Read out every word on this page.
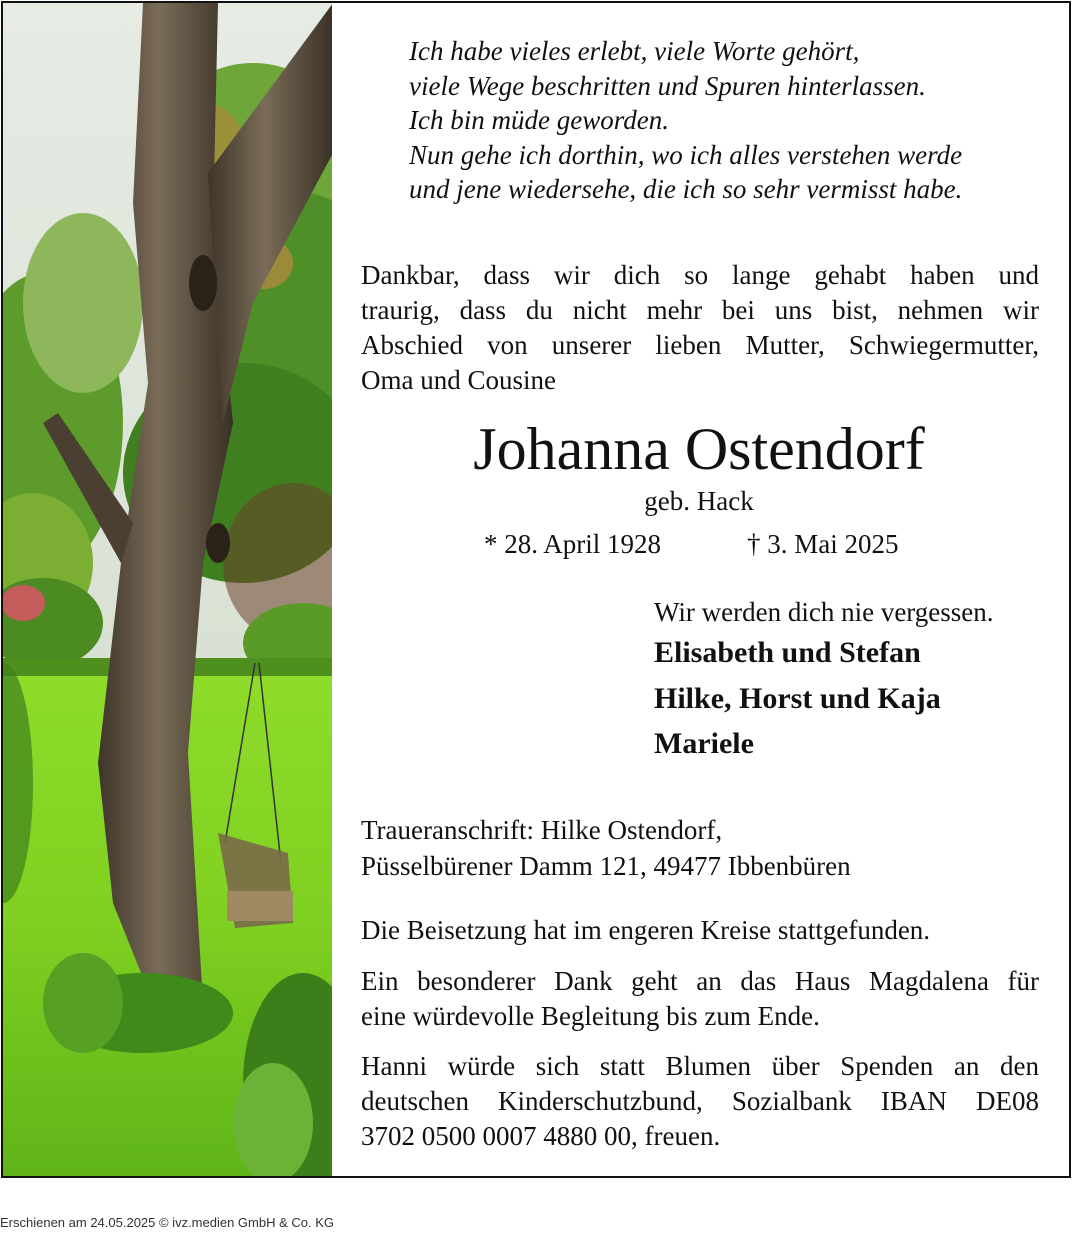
Ich habe vieles erlebt, viele Worte gehört,
viele Wege beschritten und Spuren hinterlassen.
Ich bin müde geworden.
Nun gehe ich dorthin, wo ich alles verstehen werde
und jene wiedersehe, die ich so sehr vermisst habe.
Dankbar, dass wir dich so lange gehabt haben und
traurig, dass du nicht mehr bei uns bist, nehmen wir
Abschied von unserer lieben Mutter, Schwiegermutter,
Oma und Cousine
Johanna Ostendorf
geb. Hack
* 28. April 1928	† 3. Mai 2025
Wir werden dich nie vergessen.
Elisabeth und Stefan
Hilke, Horst und Kaja
Mariele
Traueranschrift: Hilke Ostendorf,
Püsselbürener Damm 121, 49477 Ibbenbüren
Die Beisetzung hat im engeren Kreise stattgefunden.
Ein besonderer Dank geht an das Haus Magdalena für
eine würdevolle Begleitung bis zum Ende.
Hanni würde sich statt Blumen über Spenden an den
deutschen Kinderschutzbund, Sozialbank IBAN DE08
3702 0500 0007 4880 00, freuen.
Erschienen am 24.05.2025 © ivz.medien GmbH & Co. KG
